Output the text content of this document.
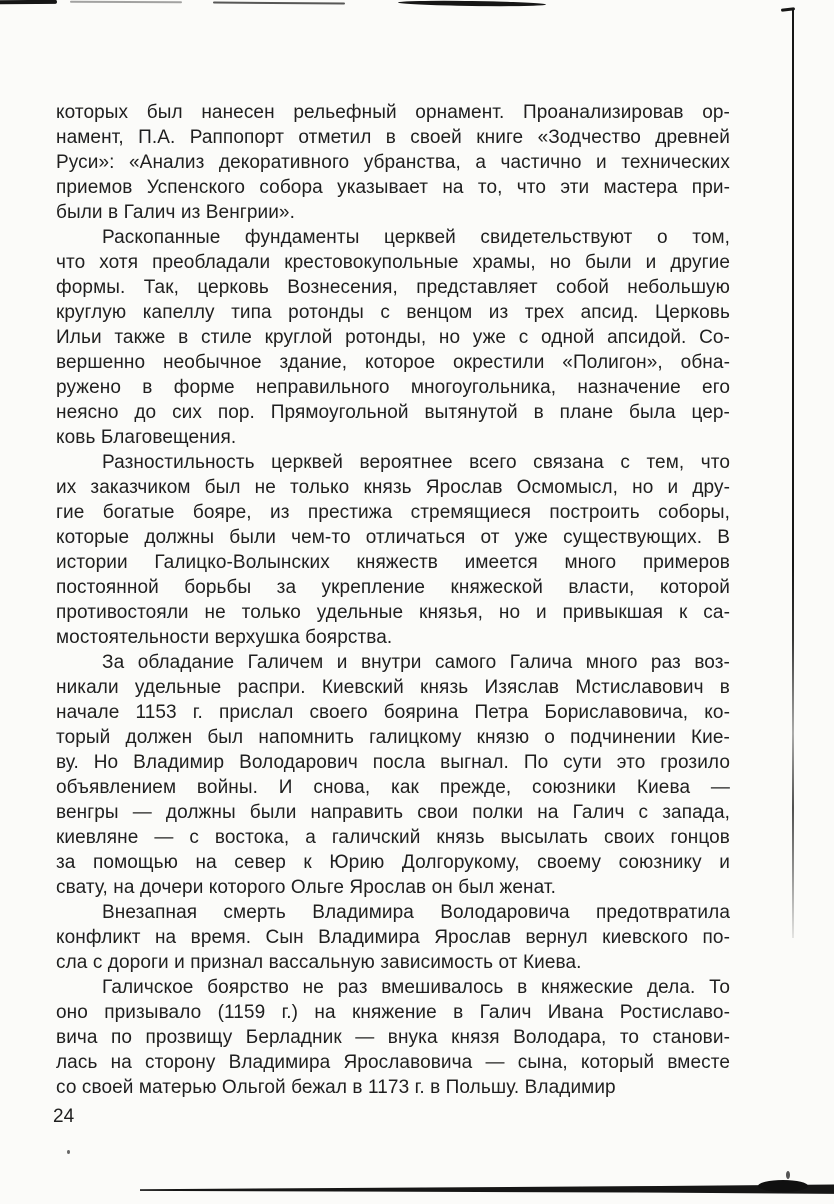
которых был нанесен рельефный орнамент. Проанализировав ор-
намент, П.А. Раппопорт отметил в своей книге «Зодчество древней
Руси»: «Анализ декоративного убранства, а частично и технических
приемов Успенского собора указывает на то, что эти мастера при-
были в Галич из Венгрии».
Раскопанные фундаменты церквей свидетельствуют о том,
что хотя преобладали крестовокупольные храмы, но были и другие
формы. Так, церковь Вознесения, представляет собой небольшую
круглую капеллу типа ротонды с венцом из трех апсид. Церковь
Ильи также в стиле круглой ротонды, но уже с одной апсидой. Со-
вершенно необычное здание, которое окрестили «Полигон», обна-
ружено в форме неправильного многоугольника, назначение его
неясно до сих пор. Прямоугольной вытянутой в плане была цер-
ковь Благовещения.
Разностильность церквей вероятнее всего связана с тем, что
их заказчиком был не только князь Ярослав Осмомысл, но и дру-
гие богатые бояре, из престижа стремящиеся построить соборы,
которые должны были чем-то отличаться от уже существующих. В
истории Галицко-Волынских княжеств имеется много примеров
постоянной борьбы за укрепление княжеской власти, которой
противостояли не только удельные князья, но и привыкшая к са-
мостоятельности верхушка боярства.
За обладание Галичем и внутри самого Галича много раз воз-
никали удельные распри. Киевский князь Изяслав Мстиславович в
начале 1153 г. прислал своего боярина Петра Бориславовича, ко-
торый должен был напомнить галицкому князю о подчинении Кие-
ву. Но Владимир Володарович посла выгнал. По сути это грозило
объявлением войны. И снова, как прежде, союзники Киева —
венгры — должны были направить свои полки на Галич с запада,
киевляне — с востока, а галичский князь высылать своих гонцов
за помощью на север к Юрию Долгорукому, своему союзнику и
свату, на дочери которого Ольге Ярослав он был женат.
Внезапная смерть Владимира Володаровича предотвратила
конфликт на время. Сын Владимира Ярослав вернул киевского по-
сла с дороги и признал вассальную зависимость от Киева.
Галичское боярство не раз вмешивалось в княжеские дела. То
оно призывало (1159 г.) на княжение в Галич Ивана Ростиславо-
вича по прозвищу Берладник — внука князя Володара, то станови-
лась на сторону Владимира Ярославовича — сына, который вместе
со своей матерью Ольгой бежал в 1173 г. в Польшу. Владимир
24
